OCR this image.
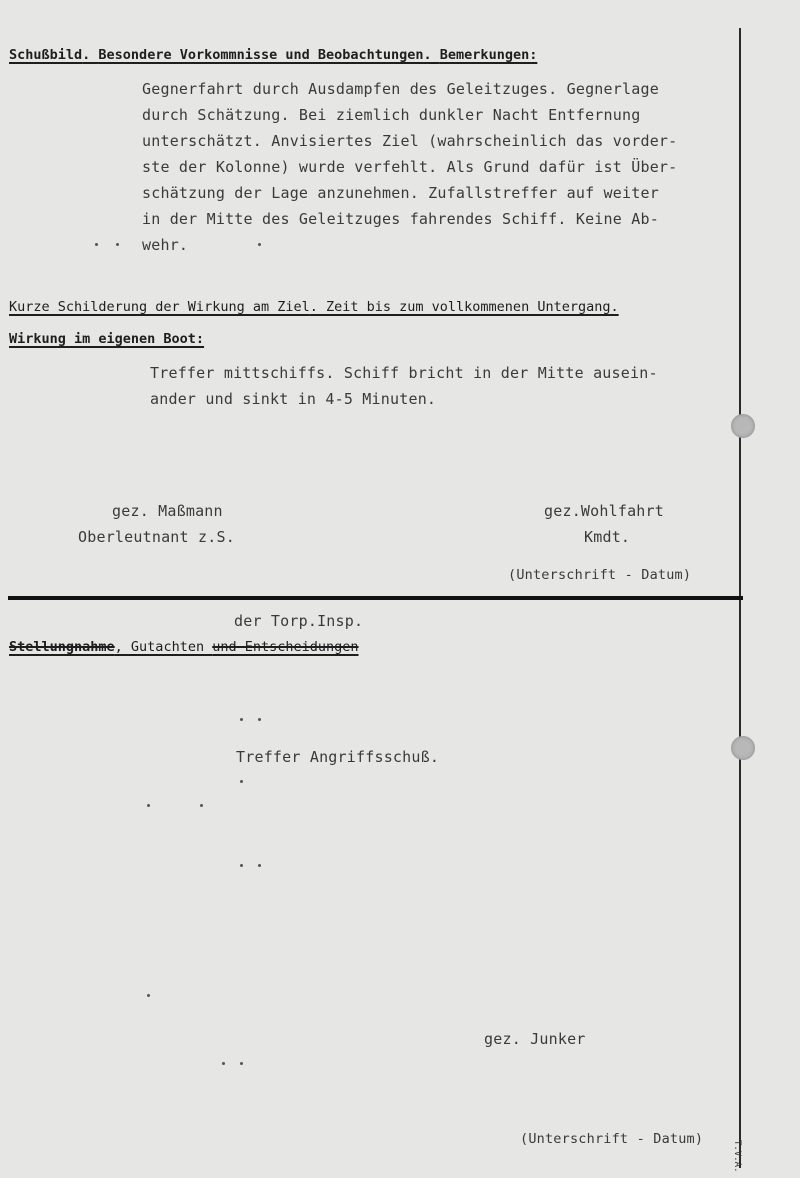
Schußbild. Besondere Vorkommnisse und Beobachtungen. Bemerkungen:
Gegnerfahrt durch Ausdampfen des Geleitzuges. Gegnerlage
durch Schätzung. Bei ziemlich dunkler Nacht Entfernung
unterschätzt. Anvisiertes Ziel (wahrscheinlich das vorder-
ste der Kolonne) wurde verfehlt. Als Grund dafür ist Über-
schätzung der Lage anzunehmen. Zufallstreffer auf weiter
in der Mitte des Geleitzuges fahrendes Schiff. Keine Ab-
wehr.
Kurze Schilderung der Wirkung am Ziel. Zeit bis zum vollkommenen Untergang.
Wirkung im eigenen Boot:
Treffer mittschiffs. Schiff bricht in der Mitte ausein-
ander und sinkt in 4-5 Minuten.
gez. Maßmann
Oberleutnant z.S.
gez.Wohlfahrt
Kmdt.
(Unterschrift - Datum)
der Torp.Insp.
Stellungnahme, Gutachten und Entscheidungen
Treffer Angriffsschuß.
gez. Junker
(Unterschrift - Datum)
T.V.A.
